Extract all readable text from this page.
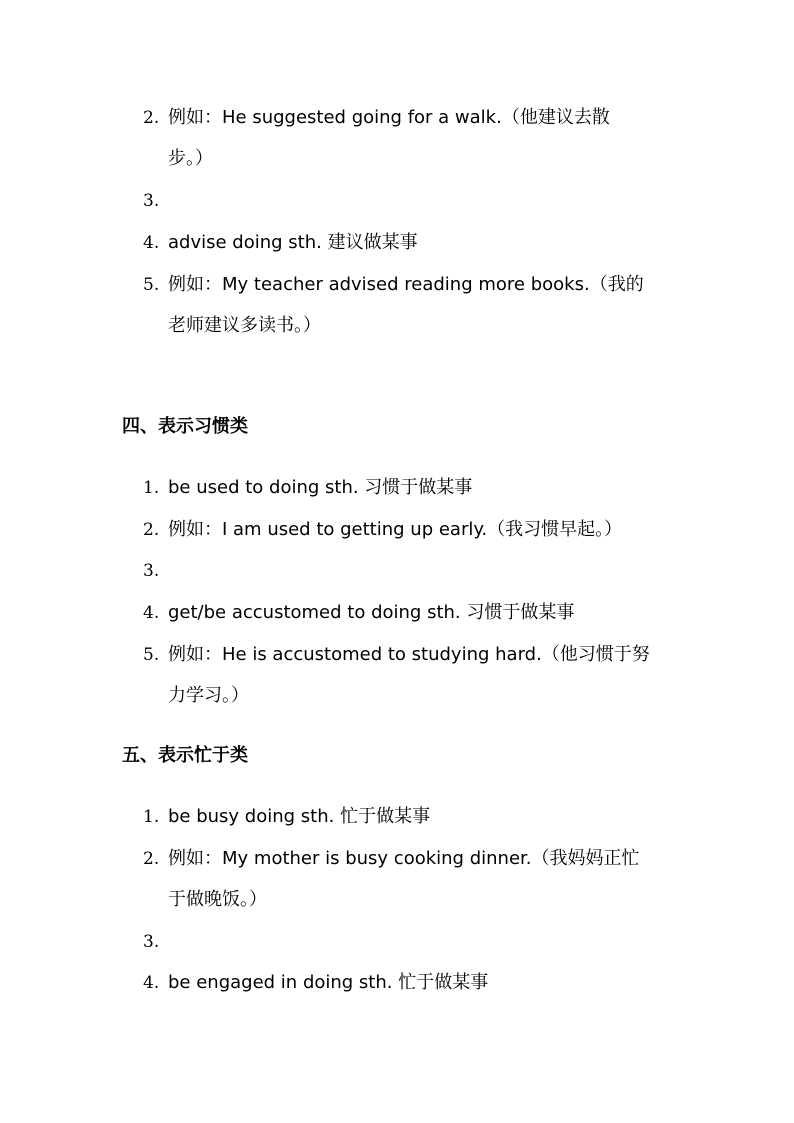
2. 例如：He suggested going for a walk.（他建议去散
步。）
3.
4. advise doing sth. 建议做某事
5. 例如：My teacher advised reading more books.（我的
老师建议多读书。）
四、表示习惯类
1. be used to doing sth. 习惯于做某事
2. 例如：I am used to getting up early.（我习惯早起。）
3.
4. get/be accustomed to doing sth. 习惯于做某事
5. 例如：He is accustomed to studying hard.（他习惯于努
力学习。）
五、表示忙于类
1. be busy doing sth. 忙于做某事
2. 例如：My mother is busy cooking dinner.（我妈妈正忙
于做晚饭。）
3.
4. be engaged in doing sth. 忙于做某事
